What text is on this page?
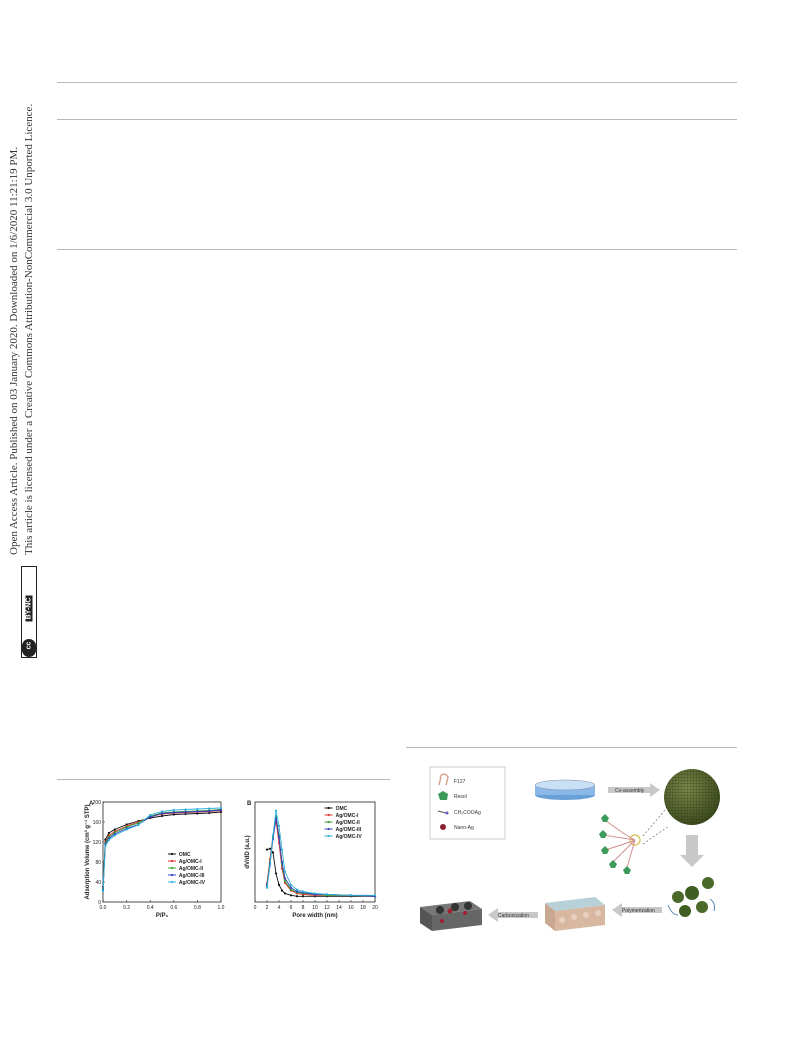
Open Access Article. Published on 03 January 2020. Downloaded on 1/6/2020 11:21:19 PM. This article is licensed under a Creative Commons Attribution-NonCommercial 3.0 Unported Licence.
BY-NC
cc
0.0	0.2	0.4	0.6	0.8	1.0
0
40
80
120
160
200
P/P₀
Adsorption Volume (cm³ g⁻¹ STP)
A
OMC
Ag/OMC-I
Ag/OMC-II
Ag/OMC-III
Ag/OMC-IV
0 2 4 6 8 10 12 14 16 18 20
Pore width (nm)
dV/dD (a.u.)
B
OMC
Ag/OMC-I
Ag/OMC-II
Ag/OMC-III
Ag/OMC-IV
F127
Resol
CH₃COOAg
Nano-Ag
Co-assembly
Polymerization
Carbonization
